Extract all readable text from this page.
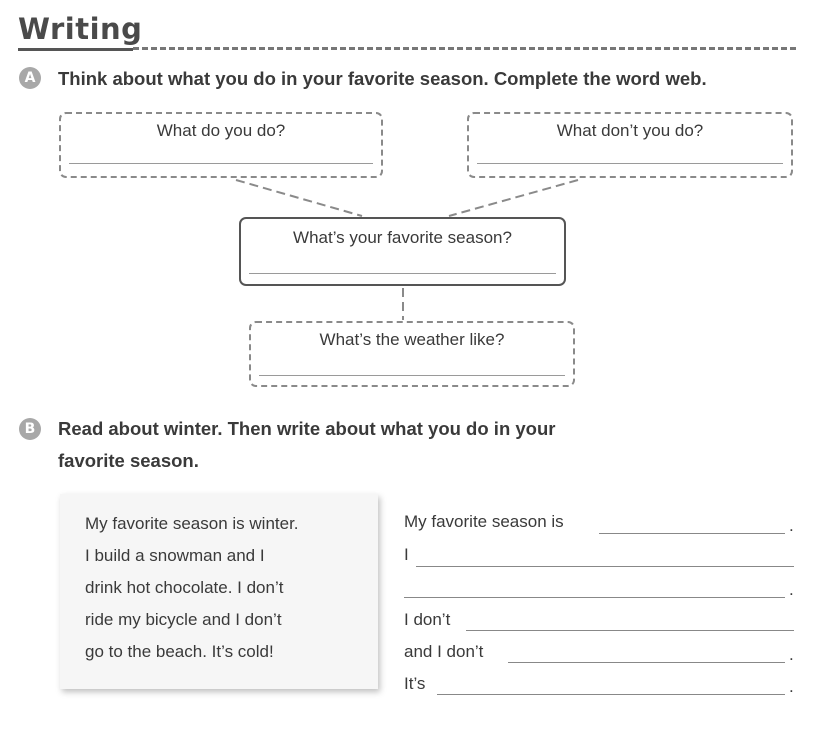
Writing
A	Think about what you do in your favorite season. Complete the word web.
What do you do?	What don’t you do?
What’s your favorite season?
What’s the weather like?
B	Read about winter. Then write about what you do in your
favorite season.
My favorite season is winter.
I build a snowman and I
drink hot chocolate. I don’t
ride my bicycle and I don’t
go to the beach. It’s cold!
My favorite season is	.
I
.
I don’t
and I don’t	.
It’s	.
